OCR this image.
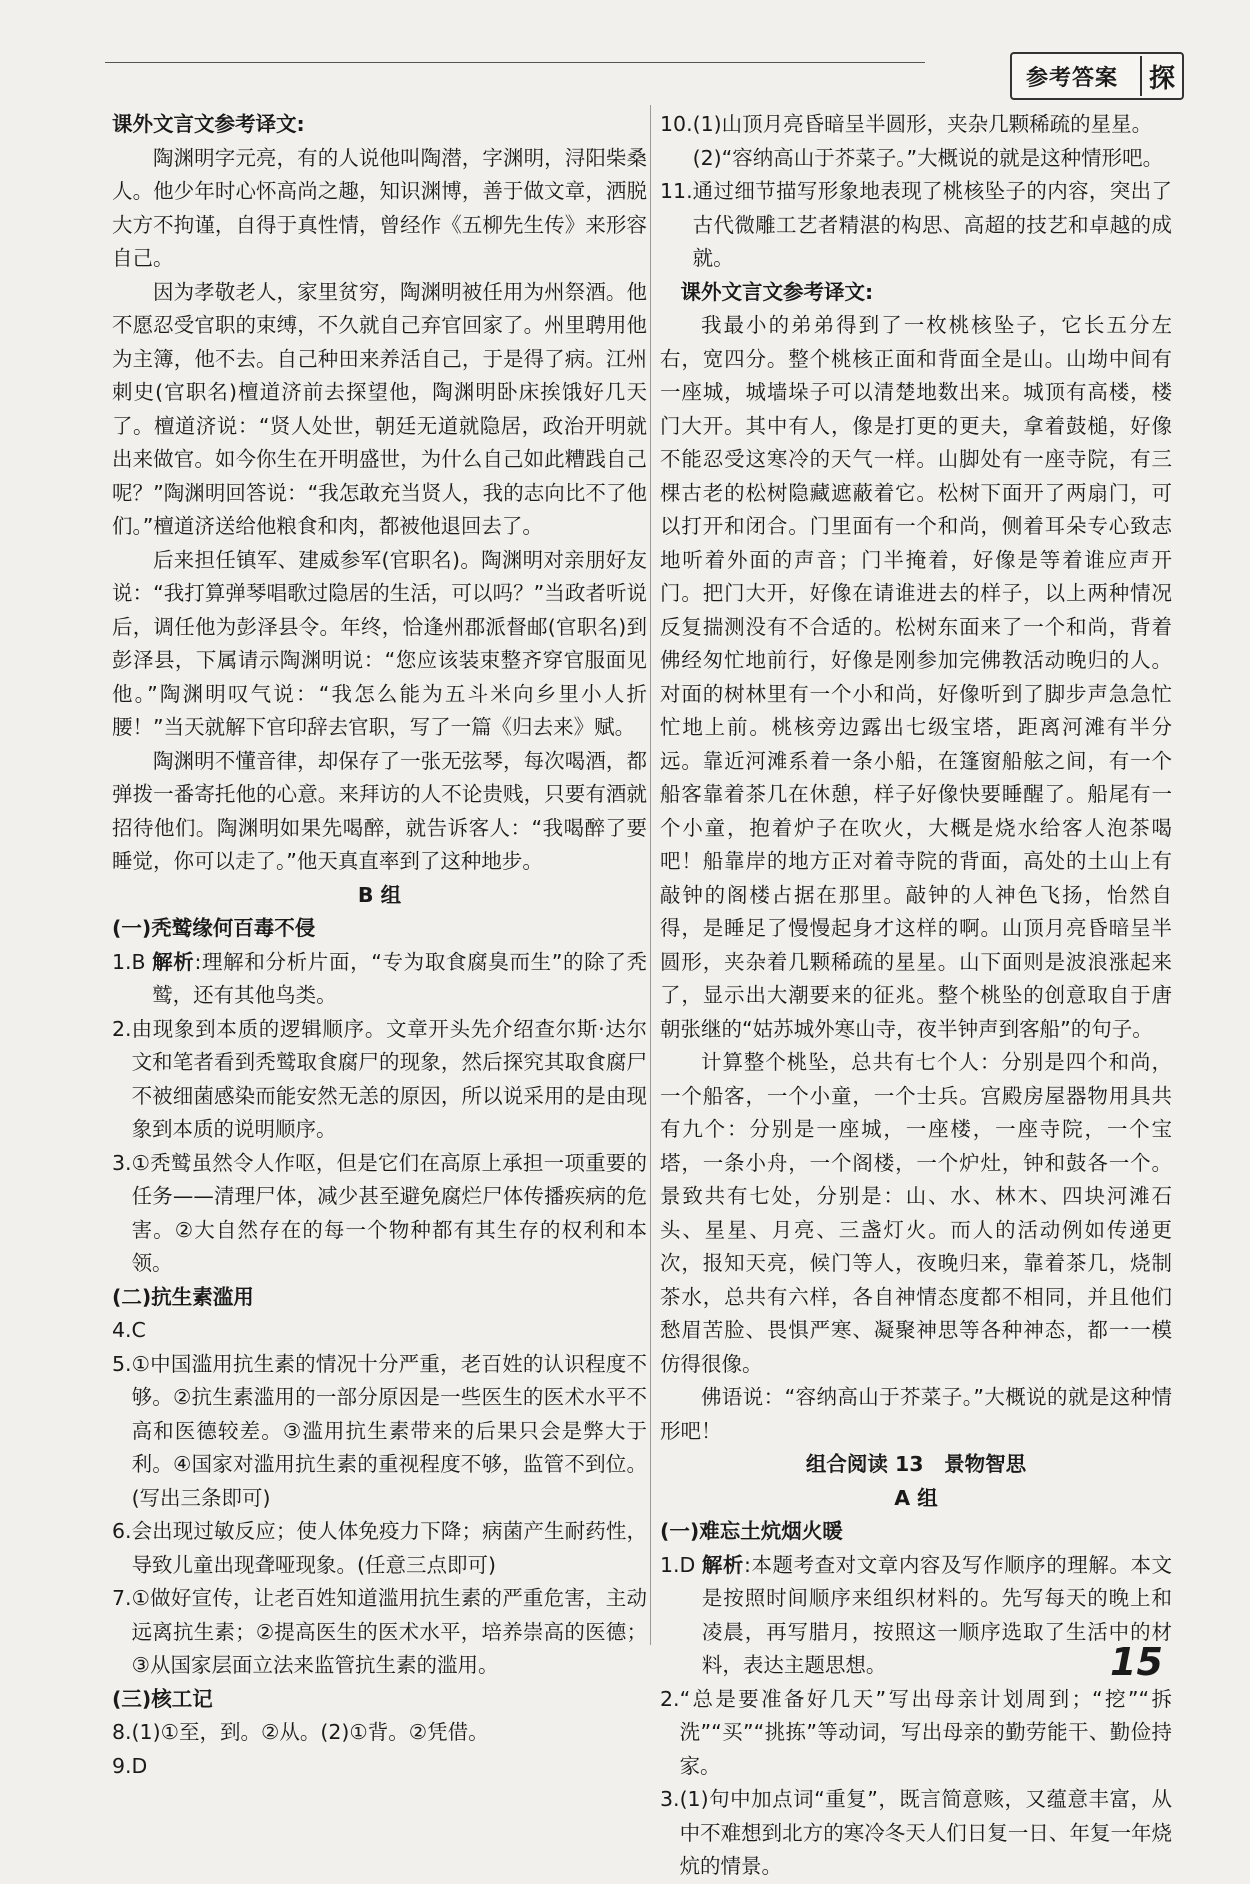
参考答案	探

课外文言文参考译文:

陶渊明字元亮，有的人说他叫陶潜，字渊明，浔阳柴桑人。他少年时心怀高尚之趣，知识渊博，善于做文章，洒脱大方不拘谨，自得于真性情，曾经作《五柳先生传》来形容自己。

因为孝敬老人，家里贫穷，陶渊明被任用为州祭酒。他不愿忍受官职的束缚，不久就自己弃官回家了。州里聘用他为主簿，他不去。自己种田来养活自己，于是得了病。江州刺史(官职名)檀道济前去探望他，陶渊明卧床挨饿好几天了。檀道济说：“贤人处世，朝廷无道就隐居，政治开明就出来做官。如今你生在开明盛世，为什么自己如此糟践自己呢？”陶渊明回答说：“我怎敢充当贤人，我的志向比不了他们。”檀道济送给他粮食和肉，都被他退回去了。

后来担任镇军、建威参军(官职名)。陶渊明对亲朋好友说：“我打算弹琴唱歌过隐居的生活，可以吗？”当政者听说后，调任他为彭泽县令。年终，恰逢州郡派督邮(官职名)到彭泽县，下属请示陶渊明说：“您应该装束整齐穿官服面见他。”陶渊明叹气说：“我怎么能为五斗米向乡里小人折腰！”当天就解下官印辞去官职，写了一篇《归去来》赋。

陶渊明不懂音律，却保存了一张无弦琴，每次喝酒，都弹拨一番寄托他的心意。来拜访的人不论贵贱，只要有酒就招待他们。陶渊明如果先喝醉，就告诉客人：“我喝醉了要睡觉，你可以走了。”他天真直率到了这种地步。

B 组

(一)秃鹫缘何百毒不侵

1.B 解析:理解和分析片面，“专为取食腐臭而生”的除了秃鹫，还有其他鸟类。
2. 由现象到本质的逻辑顺序。文章开头先介绍查尔斯·达尔文和笔者看到秃鹫取食腐尸的现象，然后探究其取食腐尸不被细菌感染而能安然无恙的原因，所以说采用的是由现象到本质的说明顺序。
3. ①秃鹫虽然令人作呕，但是它们在高原上承担一项重要的任务——清理尸体，减少甚至避免腐烂尸体传播疾病的危害。②大自然存在的每一个物种都有其生存的权利和本领。

(二)抗生素滥用

4.C

5. ①中国滥用抗生素的情况十分严重，老百姓的认识程度不够。②抗生素滥用的一部分原因是一些医生的医术水平不高和医德较差。③滥用抗生素带来的后果只会是弊大于利。④国家对滥用抗生素的重视程度不够，监管不到位。(写出三条即可)
6. 会出现过敏反应；使人体免疫力下降；病菌产生耐药性，导致儿童出现聋哑现象。(任意三点即可)
7. ①做好宣传，让老百姓知道滥用抗生素的严重危害，主动远离抗生素；②提高医生的医术水平，培养崇高的医德；③从国家层面立法来监管抗生素的滥用。

(三)核工记

8.(1)①至，到。②从。(2)①背。②凭借。

9.D

10. (1)山顶月亮昏暗呈半圆形，夹杂几颗稀疏的星星。
(2)“容纳高山于芥菜子。”大概说的就是这种情形吧。
11. 通过细节描写形象地表现了桃核坠子的内容，突出了古代微雕工艺者精湛的构思、高超的技艺和卓越的成就。

课外文言文参考译文:

我最小的弟弟得到了一枚桃核坠子，它长五分左右，宽四分。整个桃核正面和背面全是山。山坳中间有一座城，城墙垛子可以清楚地数出来。城顶有高楼，楼门大开。其中有人，像是打更的更夫，拿着鼓槌，好像不能忍受这寒冷的天气一样。山脚处有一座寺院，有三棵古老的松树隐藏遮蔽着它。松树下面开了两扇门，可以打开和闭合。门里面有一个和尚，侧着耳朵专心致志地听着外面的声音；门半掩着，好像是等着谁应声开门。把门大开，好像在请谁进去的样子，以上两种情况反复揣测没有不合适的。松树东面来了一个和尚，背着佛经匆忙地前行，好像是刚参加完佛教活动晚归的人。对面的树林里有一个小和尚，好像听到了脚步声急急忙忙地上前。桃核旁边露出七级宝塔，距离河滩有半分远。靠近河滩系着一条小船，在篷窗船舷之间，有一个船客靠着茶几在休憩，样子好像快要睡醒了。船尾有一个小童，抱着炉子在吹火，大概是烧水给客人泡茶喝吧！船靠岸的地方正对着寺院的背面，高处的土山上有敲钟的阁楼占据在那里。敲钟的人神色飞扬，怡然自得，是睡足了慢慢起身才这样的啊。山顶月亮昏暗呈半圆形，夹杂着几颗稀疏的星星。山下面则是波浪涨起来了，显示出大潮要来的征兆。整个桃坠的创意取自于唐朝张继的“姑苏城外寒山寺，夜半钟声到客船”的句子。

计算整个桃坠，总共有七个人：分别是四个和尚，一个船客，一个小童，一个士兵。宫殿房屋器物用具共有九个：分别是一座城，一座楼，一座寺院，一个宝塔，一条小舟，一个阁楼，一个炉灶，钟和鼓各一个。景致共有七处，分别是：山、水、林木、四块河滩石头、星星、月亮、三盏灯火。而人的活动例如传递更次，报知天亮，候门等人，夜晚归来，靠着茶几，烧制茶水，总共有六样，各自神情态度都不相同，并且他们愁眉苦脸、畏惧严寒、凝聚神思等各种神态，都一一模仿得很像。

佛语说：“容纳高山于芥菜子。”大概说的就是这种情形吧！

组合阅读 13　景物智思

A 组

(一)难忘土炕烟火暖

1.D 解析:本题考查对文章内容及写作顺序的理解。本文是按照时间顺序来组织材料的。先写每天的晚上和凌晨，再写腊月，按照这一顺序选取了生活中的材料，表达主题思想。
2. “总是要准备好几天”写出母亲计划周到；“挖”“拆洗”“买”“挑拣”等动词，写出母亲的勤劳能干、勤俭持家。
3. (1)句中加点词“重复”，既言简意赅，又蕴意丰富，从中不难想到北方的寒冷冬天人们日复一日、年复一年烧炕的情景。
15
